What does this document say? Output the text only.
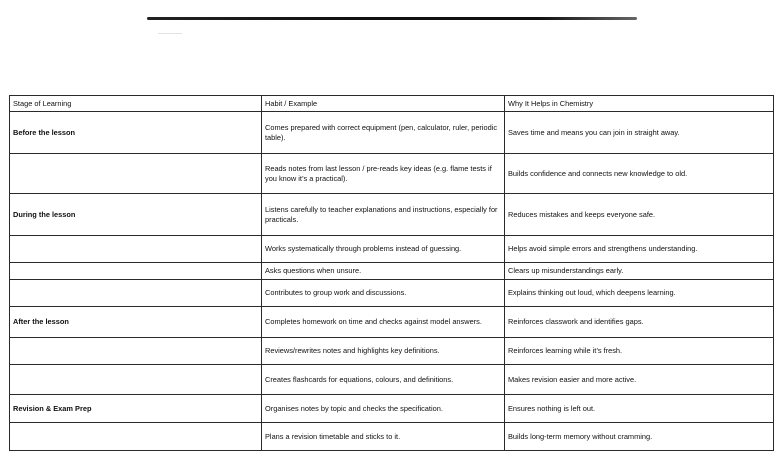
Stage of Learning	Habit / Example	Why It Helps in Chemistry
Before the lesson	Comes prepared with correct equipment (pen, calculator, ruler, periodic table).	Saves time and means you can join in straight away.
	Reads notes from last lesson / pre-reads key ideas (e.g. flame tests if you know it’s a practical).	Builds confidence and connects new knowledge to old.
During the lesson	Listens carefully to teacher explanations and instructions, especially for practicals.	Reduces mistakes and keeps everyone safe.
	Works systematically through problems instead of guessing.	Helps avoid simple errors and strengthens understanding.
	Asks questions when unsure.	Clears up misunderstandings early.
	Contributes to group work and discussions.	Explains thinking out loud, which deepens learning.
After the lesson	Completes homework on time and checks against model answers.	Reinforces classwork and identifies gaps.
	Reviews/rewrites notes and highlights key definitions.	Reinforces learning while it’s fresh.
	Creates flashcards for equations, colours, and definitions.	Makes revision easier and more active.
Revision & Exam Prep	Organises notes by topic and checks the specification.	Ensures nothing is left out.
	Plans a revision timetable and sticks to it.	Builds long-term memory without cramming.
